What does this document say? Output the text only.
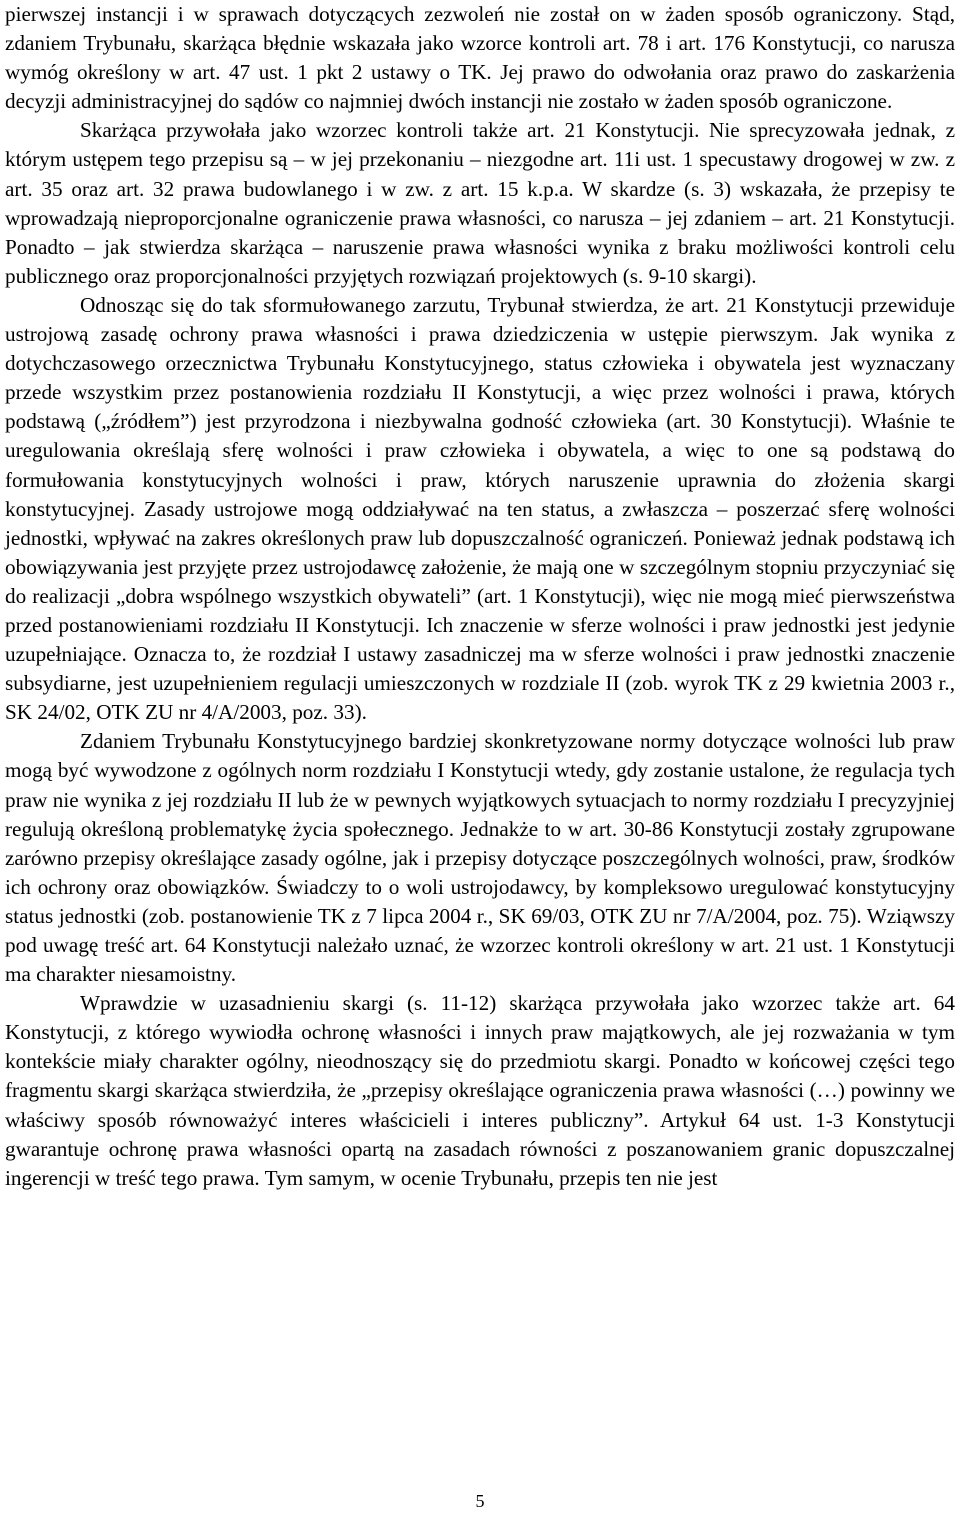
pierwszej instancji i w sprawach dotyczących zezwoleń nie został on w żaden sposób ograniczony. Stąd, zdaniem Trybunału, skarżąca błędnie wskazała jako wzorce kontroli art. 78 i art. 176 Konstytucji, co narusza wymóg określony w art. 47 ust. 1 pkt 2 ustawy o TK. Jej prawo do odwołania oraz prawo do zaskarżenia decyzji administracyjnej do sądów co najmniej dwóch instancji nie zostało w żaden sposób ograniczone.

Skarżąca przywołała jako wzorzec kontroli także art. 21 Konstytucji. Nie sprecyzowała jednak, z którym ustępem tego przepisu są – w jej przekonaniu – niezgodne art. 11i ust. 1 specustawy drogowej w zw. z art. 35 oraz art. 32 prawa budowlanego i w zw. z art. 15 k.p.a. W skardze (s. 3) wskazała, że przepisy te wprowadzają nieproporcjonalne ograniczenie prawa własności, co narusza – jej zdaniem – art. 21 Konstytucji. Ponadto – jak stwierdza skarżąca – naruszenie prawa własności wynika z braku możliwości kontroli celu publicznego oraz proporcjonalności przyjętych rozwiązań projektowych (s. 9-10 skargi).

Odnosząc się do tak sformułowanego zarzutu, Trybunał stwierdza, że art. 21 Konstytucji przewiduje ustrojową zasadę ochrony prawa własności i prawa dziedziczenia w ustępie pierwszym. Jak wynika z dotychczasowego orzecznictwa Trybunału Konstytucyjnego, status człowieka i obywatela jest wyznaczany przede wszystkim przez postanowienia rozdziału II Konstytucji, a więc przez wolności i prawa, których podstawą („źródłem”) jest przyrodzona i niezbywalna godność człowieka (art. 30 Konstytucji). Właśnie te uregulowania określają sferę wolności i praw człowieka i obywatela, a więc to one są podstawą do formułowania konstytucyjnych wolności i praw, których naruszenie uprawnia do złożenia skargi konstytucyjnej. Zasady ustrojowe mogą oddziaływać na ten status, a zwłaszcza – poszerzać sferę wolności jednostki, wpływać na zakres określonych praw lub dopuszczalność ograniczeń. Ponieważ jednak podstawą ich obowiązywania jest przyjęte przez ustrojodawcę założenie, że mają one w szczególnym stopniu przyczyniać się do realizacji „dobra wspólnego wszystkich obywateli” (art. 1 Konstytucji), więc nie mogą mieć pierwszeństwa przed postanowieniami rozdziału II Konstytucji. Ich znaczenie w sferze wolności i praw jednostki jest jedynie uzupełniające. Oznacza to, że rozdział I ustawy zasadniczej ma w sferze wolności i praw jednostki znaczenie subsydiarne, jest uzupełnieniem regulacji umieszczonych w rozdziale II (zob. wyrok TK z 29 kwietnia 2003 r., SK 24/02, OTK ZU nr 4/A/2003, poz. 33).

Zdaniem Trybunału Konstytucyjnego bardziej skonkretyzowane normy dotyczące wolności lub praw mogą być wywodzone z ogólnych norm rozdziału I Konstytucji wtedy, gdy zostanie ustalone, że regulacja tych praw nie wynika z jej rozdziału II lub że w pewnych wyjątkowych sytuacjach to normy rozdziału I precyzyjniej regulują określoną problematykę życia społecznego. Jednakże to w art. 30-86 Konstytucji zostały zgrupowane zarówno przepisy określające zasady ogólne, jak i przepisy dotyczące poszczególnych wolności, praw, środków ich ochrony oraz obowiązków. Świadczy to o woli ustrojodawcy, by kompleksowo uregulować konstytucyjny status jednostki (zob. postanowienie TK z 7 lipca 2004 r., SK 69/03, OTK ZU nr 7/A/2004, poz. 75). Wziąwszy pod uwagę treść art. 64 Konstytucji należało uznać, że wzorzec kontroli określony w art. 21 ust. 1 Konstytucji ma charakter niesamoistny.

Wprawdzie w uzasadnieniu skargi (s. 11-12) skarżąca przywołała jako wzorzec także art. 64 Konstytucji, z którego wywiodła ochronę własności i innych praw majątkowych, ale jej rozważania w tym kontekście miały charakter ogólny, nieodnoszący się do przedmiotu skargi. Ponadto w końcowej części tego fragmentu skargi skarżąca stwierdziła, że „przepisy określające ograniczenia prawa własności (…) powinny we właściwy sposób równoważyć interes właścicieli i interes publiczny”. Artykuł 64 ust. 1-3 Konstytucji gwarantuje ochronę prawa własności opartą na zasadach równości z poszanowaniem granic dopuszczalnej ingerencji w treść tego prawa. Tym samym, w ocenie Trybunału, przepis ten nie jest

5
